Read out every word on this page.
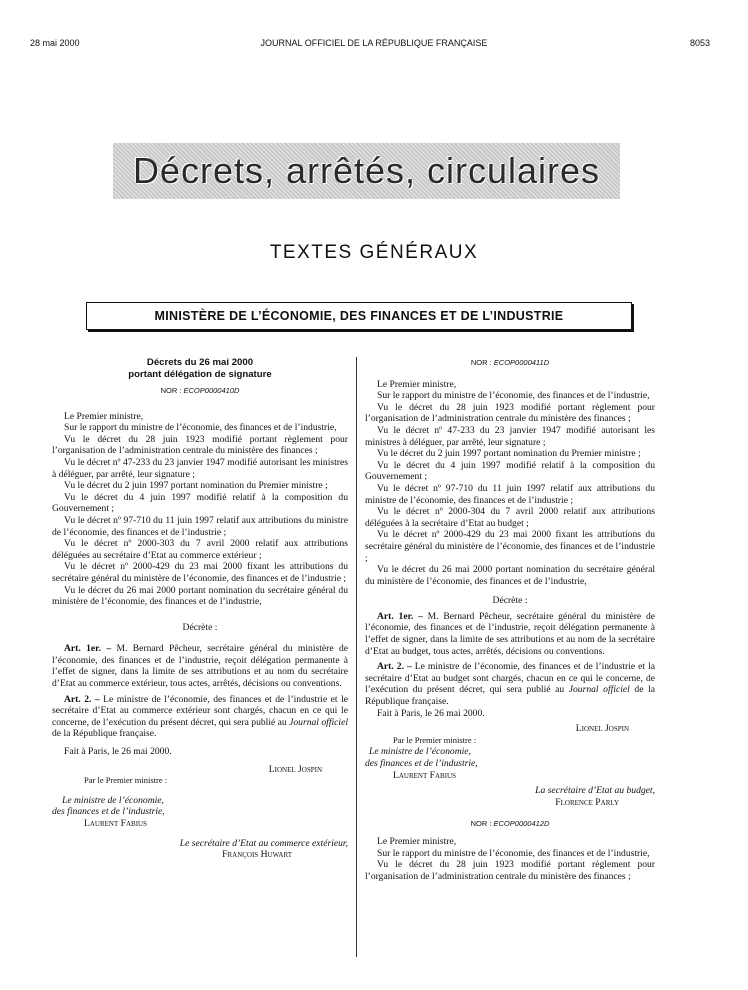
28 mai 2000	JOURNAL OFFICIEL DE LA RÉPUBLIQUE FRANÇAISE	8053
Décrets, arrêtés, circulaires
TEXTES GÉNÉRAUX
MINISTÈRE DE L’ÉCONOMIE, DES FINANCES ET DE L’INDUSTRIE
Décrets du 26 mai 2000
portant délégation de signature
NOR : ECOP0000410D

Le Premier ministre,

Sur le rapport du ministre de l’économie, des finances et de l’industrie,

Vu le décret du 28 juin 1923 modifié portant règlement pour l’organisation de l’administration centrale du ministère des finances ;

Vu le décret nº 47-233 du 23 janvier 1947 modifié autorisant les ministres à déléguer, par arrêté, leur signature ;

Vu le décret du 2 juin 1997 portant nomination du Premier ministre ;

Vu le décret du 4 juin 1997 modifié relatif à la composition du Gouvernement ;

Vu le décret nº 97-710 du 11 juin 1997 relatif aux attributions du ministre de l’économie, des finances et de l’industrie ;

Vu le décret nº 2000-303 du 7 avril 2000 relatif aux attributions déléguées au secrétaire d’Etat au commerce extérieur ;

Vu le décret nº 2000-429 du 23 mai 2000 fixant les attributions du secrétaire général du ministère de l’économie, des finances et de l’industrie ;

Vu le décret du 26 mai 2000 portant nomination du secrétaire général du ministère de l’économie, des finances et de l’industrie,

Décrète :

Art. 1er. – M. Bernard Pêcheur, secrétaire général du ministère de l’économie, des finances et de l’industrie, reçoit délégation permanente à l’effet de signer, dans la limite de ses attributions et au nom du secrétaire d’Etat au commerce extérieur, tous actes, arrêtés, décisions ou conventions.

Art. 2. – Le ministre de l’économie, des finances et de l’industrie et le secrétaire d’Etat au commerce extérieur sont chargés, chacun en ce qui le concerne, de l’exécution du présent décret, qui sera publié au Journal officiel de la République française.

Fait à Paris, le 26 mai 2000.

Lionel Jospin

Par le Premier ministre :

Le ministre de l’économie,

des finances et de l’industrie,

Laurent Fabius

Le secrétaire d’Etat au commerce extérieur,

François Huwart

NOR : ECOP0000411D

Le Premier ministre,

Sur le rapport du ministre de l’économie, des finances et de l’industrie,

Vu le décret du 28 juin 1923 modifié portant règlement pour l’organisation de l’administration centrale du ministère des finances ;

Vu le décret nº 47-233 du 23 janvier 1947 modifié autorisant les ministres à déléguer, par arrêté, leur signature ;

Vu le décret du 2 juin 1997 portant nomination du Premier ministre ;

Vu le décret du 4 juin 1997 modifié relatif à la composition du Gouvernement ;

Vu le décret nº 97-710 du 11 juin 1997 relatif aux attributions du ministre de l’économie, des finances et de l’industrie ;

Vu le décret nº 2000-304 du 7 avril 2000 relatif aux attributions déléguées à la secrétaire d’Etat au budget ;

Vu le décret nº 2000-429 du 23 mai 2000 fixant les attributions du secrétaire général du ministère de l’économie, des finances et de l’industrie ;

Vu le décret du 26 mai 2000 portant nomination du secrétaire général du ministère de l’économie, des finances et de l’industrie,

Décrète :

Art. 1er. – M. Bernard Pêcheur, secrétaire général du ministère de l’économie, des finances et de l’industrie, reçoit délégation permanente à l’effet de signer, dans la limite de ses attributions et au nom de la secrétaire d’Etat au budget, tous actes, arrêtés, décisions ou conventions.

Art. 2. – Le ministre de l’économie, des finances et de l’industrie et la secrétaire d’Etat au budget sont chargés, chacun en ce qui le concerne, de l’exécution du présent décret, qui sera publié au Journal officiel de la République française.

Fait à Paris, le 26 mai 2000.

Lionel Jospin

Par le Premier ministre :

Le ministre de l’économie,

des finances et de l’industrie,

Laurent Fabius

La secrétaire d’Etat au budget,

Florence Parly

NOR : ECOP0000412D

Le Premier ministre,

Sur le rapport du ministre de l’économie, des finances et de l’industrie,

Vu le décret du 28 juin 1923 modifié portant règlement pour l’organisation de l’administration centrale du ministère des finances ;
